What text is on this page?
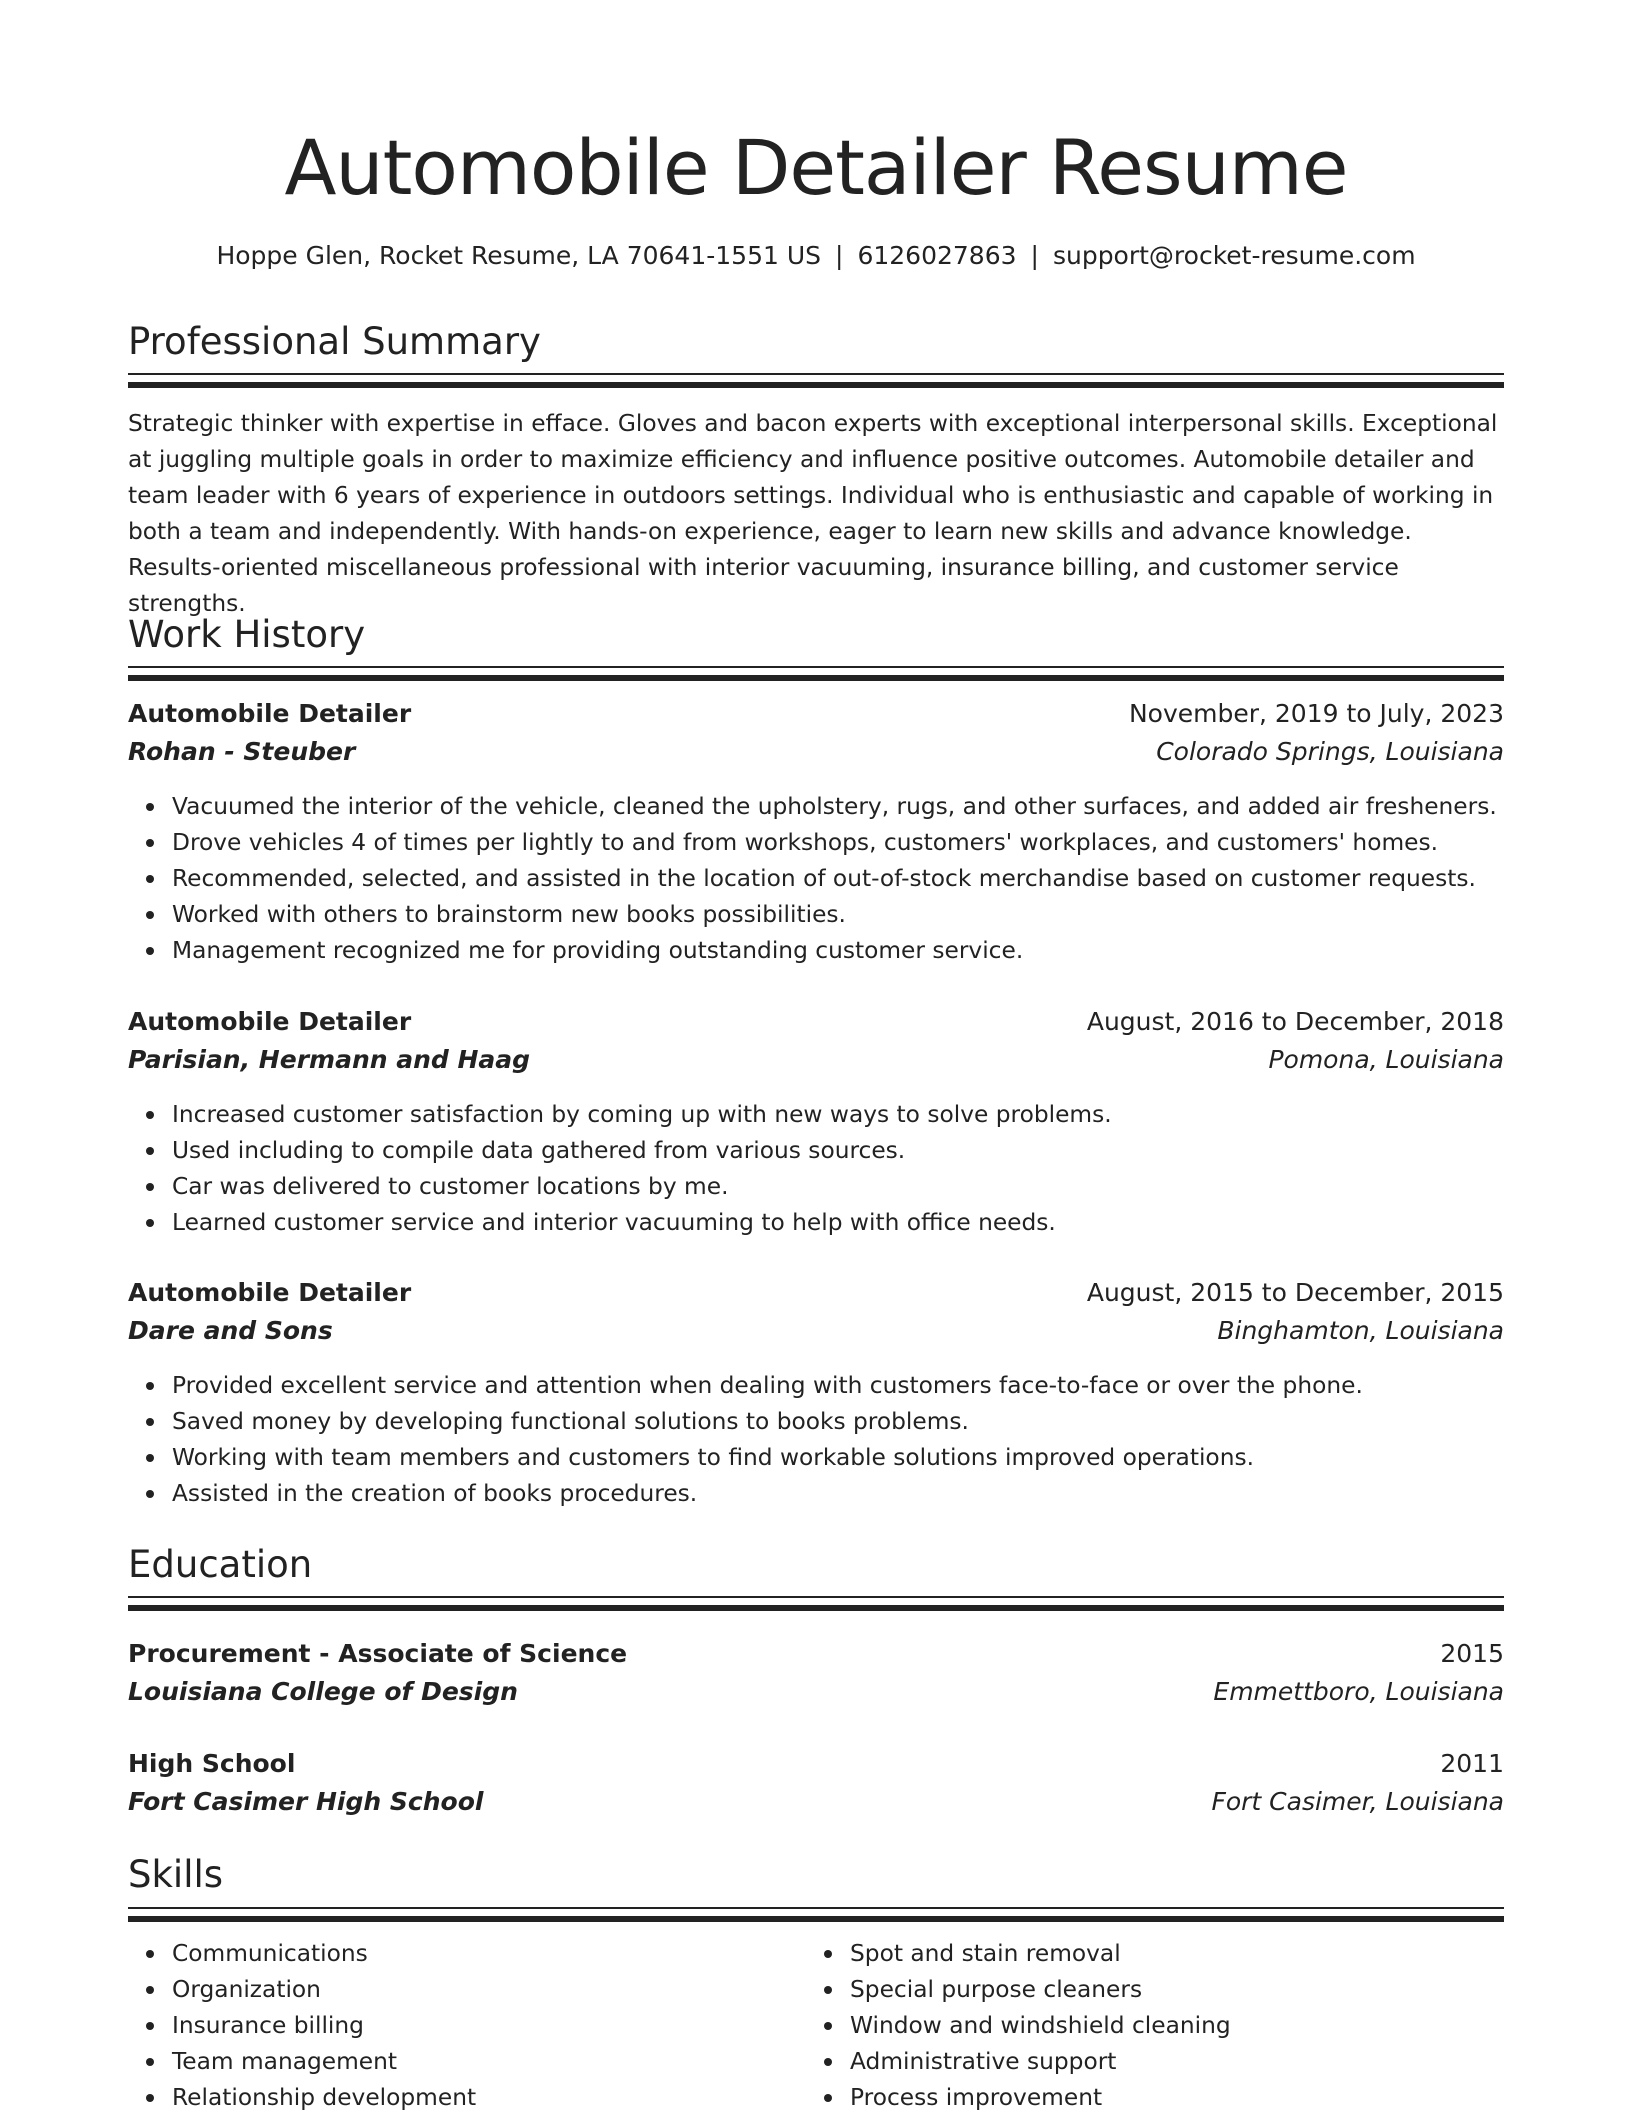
Automobile Detailer Resume
Hoppe Glen, Rocket Resume, LA 70641-1551 US | 6126027863 | support@rocket-resume.com
Professional Summary

Strategic thinker with expertise in efface. Gloves and bacon experts with exceptional interpersonal skills. Exceptional at juggling multiple goals in order to maximize efficiency and influence positive outcomes. Automobile detailer and team leader with 6 years of experience in outdoors settings. Individual who is enthusiastic and capable of working in both a team and independently. With hands-on experience, eager to learn new skills and advance knowledge. Results-oriented miscellaneous professional with interior vacuuming, insurance billing, and customer service strengths.

Work History
Automobile Detailer	November, 2019 to July, 2023
Rohan - Steuber	Colorado Springs, Louisiana
Vacuumed the interior of the vehicle, cleaned the upholstery, rugs, and other surfaces, and added air fresheners.
Drove vehicles 4 of times per lightly to and from workshops, customers' workplaces, and customers' homes.
Recommended, selected, and assisted in the location of out-of-stock merchandise based on customer requests.
Worked with others to brainstorm new books possibilities.
Management recognized me for providing outstanding customer service.
Automobile Detailer	August, 2016 to December, 2018
Parisian, Hermann and Haag	Pomona, Louisiana
Increased customer satisfaction by coming up with new ways to solve problems.
Used including to compile data gathered from various sources.
Car was delivered to customer locations by me.
Learned customer service and interior vacuuming to help with office needs.
Automobile Detailer	August, 2015 to December, 2015
Dare and Sons	Binghamton, Louisiana
Provided excellent service and attention when dealing with customers face-to-face or over the phone.
Saved money by developing functional solutions to books problems.
Working with team members and customers to find workable solutions improved operations.
Assisted in the creation of books procedures.
Education
Procurement - Associate of Science	2015
Louisiana College of Design	Emmettboro, Louisiana
High School	2011
Fort Casimer High School	Fort Casimer, Louisiana
Skills
Communications
Organization
Insurance billing
Team management
Relationship development
Spot and stain removal
Special purpose cleaners
Window and windshield cleaning
Administrative support
Process improvement
